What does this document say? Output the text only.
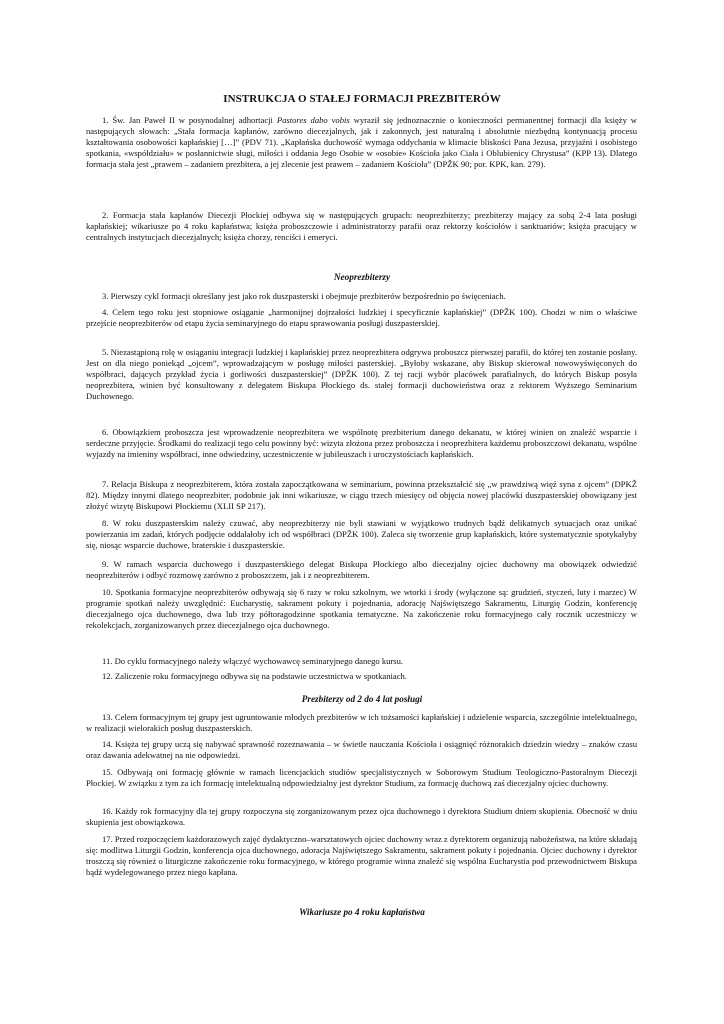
INSTRUKCJA O STAŁEJ FORMACJI PREZBITERÓW

1. Św. Jan Paweł II w posynodalnej adhortacji Pastores dabo vobis wyraził się jednoznacznie o konieczności permanentnej formacji dla księży w następujących słowach: „Stała formacja kapłanów, zarówno diecezjalnych, jak i zakonnych, jest naturalną i absolutnie niezbędną kontynuacją procesu kształtowania osobowości kapłańskiej […]” (PDV 71). „Kapłańska duchowość wymaga oddychania w klimacie bliskości Pana Jezusa, przyjaźni i osobistego spotkania, «współdziału» w posłannictwie sługi, miłości i oddania Jego Osobie w «osobie» Kościoła jako Ciała i Oblubienicy Chrystusa” (KPP 13). Dlatego formacja stała jest „prawem – zadaniem prezbitera, a jej zlecenie jest prawem – zadaniem Kościoła” (DPŽK 90; por. KPK, kan. 279).

2. Formacja stała kapłanów Diecezji Płockiej odbywa się w następujących grupach: neoprezbiterzy; prezbiterzy mający za sobą 2-4 lata posługi kapłańskiej; wikariusze po 4 roku kapłaństwa; księża proboszczowie i administratorzy parafii oraz rektorzy kościołów i sanktuariów; księża pracujący w centralnych instytucjach diecezjalnych; księża chorzy, renciści i emeryci.

Neoprezbiterzy

3. Pierwszy cykl formacji określany jest jako rok duszpasterski i obejmuje prezbiterów bezpośrednio po święceniach.

4. Celem tego roku jest stopniowe osiąganie „harmonijnej dojrzałości ludzkiej i specyficznie kapłańskiej” (DPŽK 100). Chodzi w nim o właściwe przejście neoprezbiterów od etapu życia seminaryjnego do etapu sprawowania posługi duszpasterskiej.

5. Niezastąpioną rolę w osiąganiu integracji ludzkiej i kapłańskiej przez neoprezbitera odgrywa proboszcz pierwszej parafii, do której ten zostanie posłany. Jest on dla niego poniekąd „ojcem”, wprowadzającym w posługę miłości pasterskiej. „Byłoby wskazane, aby Biskup skierował nowowyświęconych do współbraci, dających przykład życia i gorliwości duszpasterskiej” (DPŽK 100). Z tej racji wybór placówek parafialnych, do których Biskup posyła neoprezbitera, winien być konsultowany z delegatem Biskupa Płockiego ds. stałej formacji duchowieństwa oraz z rektorem Wyższego Seminarium Duchownego.

6. Obowiązkiem proboszcza jest wprowadzenie neoprezbitera we wspólnotę prezbiterium danego dekanatu, w której winien on znaleźć wsparcie i serdeczne przyjęcie. Środkami do realizacji tego celu powinny być: wizyta złożona przez proboszcza i neoprezbitera każdemu proboszczowi dekanatu, wspólne wyjazdy na imieniny współbraci, inne odwiedziny, uczestniczenie w jubileuszach i uroczystościach kapłańskich.

7. Relacja Biskupa z neoprezbiterem, która została zapoczątkowana w seminarium, powinna przekształcić się „w prawdziwą więź syna z ojcem” (DPKŽ 82). Między innymi dlatego neoprezbiter, podobnie jak inni wikariusze, w ciągu trzech miesięcy od objęcia nowej placówki duszpasterskiej obowiązany jest złożyć wizytę Biskupowi Płockiemu (XLII SP 217).

8. W roku duszpasterskim należy czuwać, aby neoprezbiterzy nie byli stawiani w wyjątkowo trudnych bądź delikatnych sytuacjach oraz unikać powierzania im zadań, których podjęcie oddalałoby ich od współbraci (DPŽK 100). Zaleca się tworzenie grup kapłańskich, które systematycznie spotykałyby się, niosąc wsparcie duchowe, braterskie i duszpasterskie.

9. W ramach wsparcia duchowego i duszpasterskiego delegat Biskupa Płockiego albo diecezjalny ojciec duchowny ma obowiązek odwiedzić neoprezbiterów i odbyć rozmowę zarówno z proboszczem, jak i z neoprezbiterem.

10. Spotkania formacyjne neoprezbiterów odbywają się 6 razy w roku szkolnym, we wtorki i środy (wyłączone są: grudzień, styczeń, luty i marzec) W programie spotkań należy uwzględnić: Eucharystię, sakrament pokuty i pojednania, adorację Najświętszego Sakramentu, Liturgię Godzin, konferencję diecezjalnego ojca duchownego, dwa lub trzy półtoragodzinne spotkania tematyczne. Na zakończenie roku formacyjnego cały rocznik uczestniczy w rekolekcjach, zorganizowanych przez diecezjalnego ojca duchownego.

11. Do cyklu formacyjnego należy włączyć wychowawcę seminaryjnego danego kursu.

12. Zaliczenie roku formacyjnego odbywa się na podstawie uczestnictwa w spotkaniach.

Prezbiterzy od 2 do 4 lat posługi

13. Celem formacyjnym tej grupy jest ugruntowanie młodych prezbiterów w ich tożsamości kapłańskiej i udzielenie wsparcia, szczególnie intelektualnego, w realizacji wielorakich posług duszpasterskich.

14. Księża tej grupy uczą się nabywać sprawność rozeznawania – w świetle nauczania Kościoła i osiągnięć różnorakich dziedzin wiedzy – znaków czasu oraz dawania adekwatnej na nie odpowiedzi.

15. Odbywają oni formację głównie w ramach licencjackich studiów specjalistycznych w Soborowym Studium Teologiczno-Pastoralnym Diecezji Płockiej. W związku z tym za ich formację intelektualną odpowiedzialny jest dyrektor Studium, za formację duchową zaś diecezjalny ojciec duchowny.

16. Każdy rok formacyjny dla tej grupy rozpoczyna się zorganizowanym przez ojca duchownego i dyrektora Studium dniem skupienia. Obecność w dniu skupienia jest obowiązkowa.

17. Przed rozpoczęciem każdorazowych zajęć dydaktyczno–warsztatowych ojciec duchowny wraz z dyrektorem organizują nabożeństwa, na które składają się: modlitwa Liturgii Godzin, konferencja ojca duchownego, adoracja Najświętszego Sakramentu, sakrament pokuty i pojednania. Ojciec duchowny i dyrektor troszczą się również o liturgiczne zakończenie roku formacyjnego, w którego programie winna znaleźć się wspólna Eucharystia pod przewodnictwem Biskupa bądź wydelegowanego przez niego kapłana.

Wikariusze po 4 roku kapłaństwa
